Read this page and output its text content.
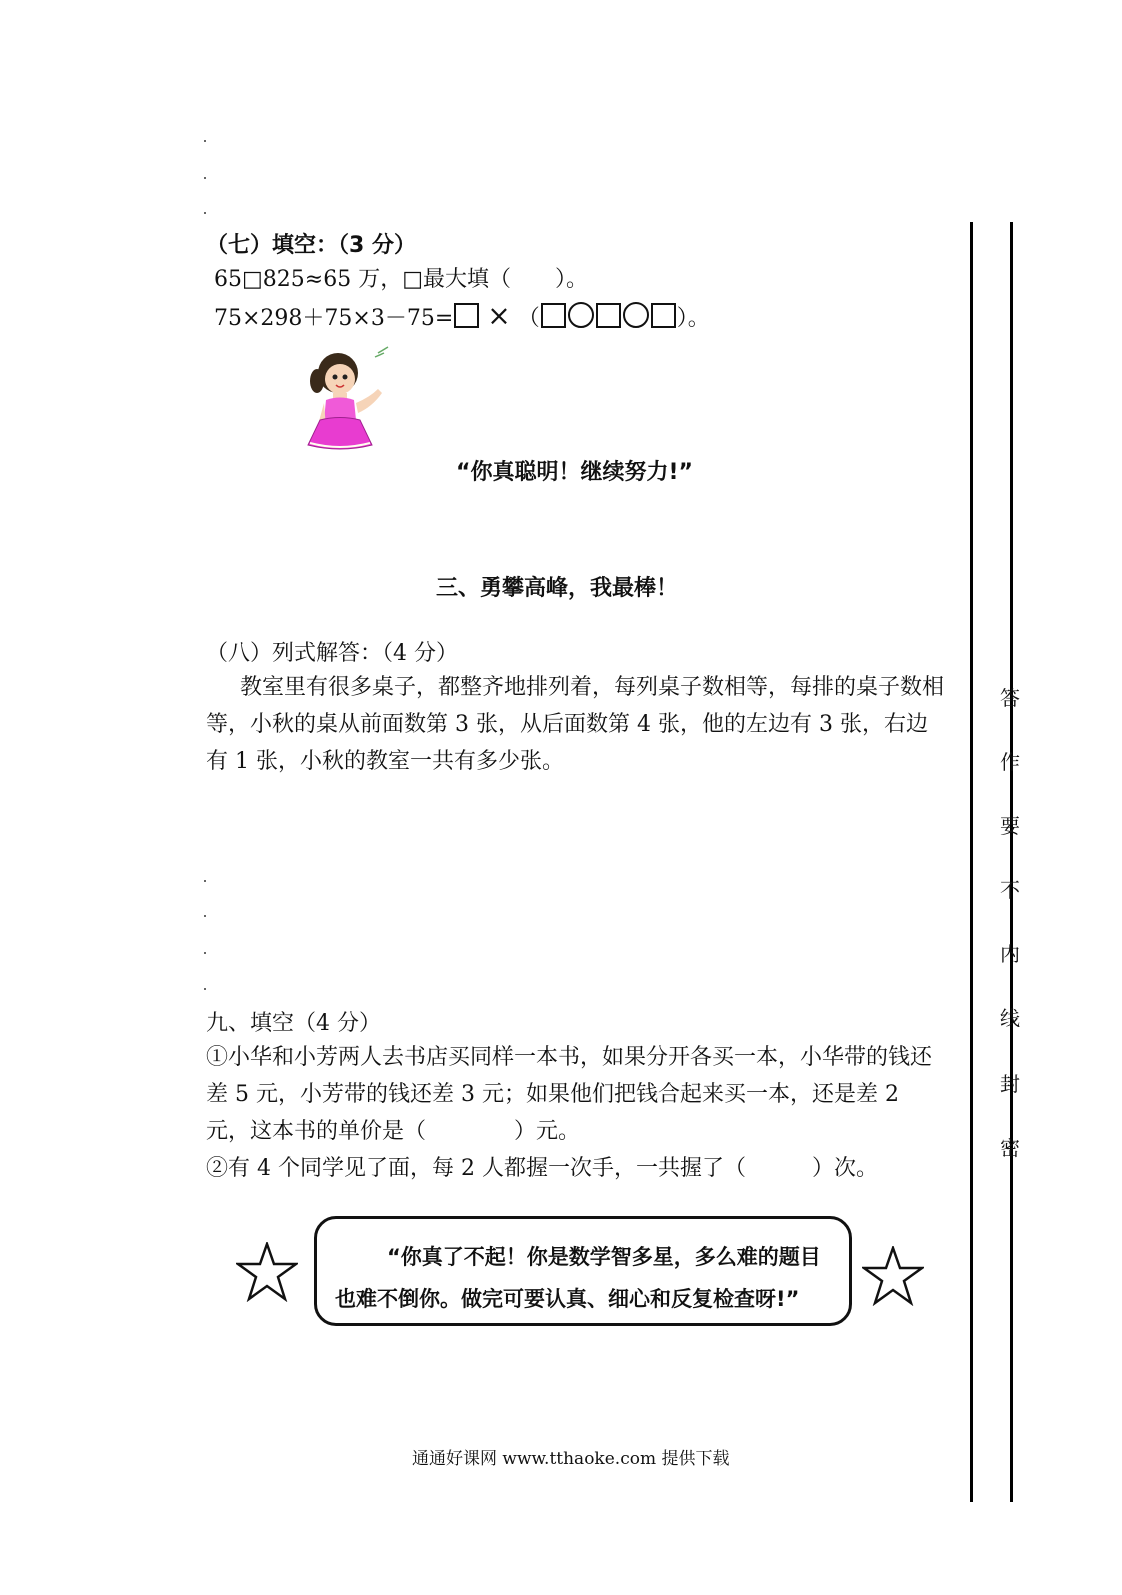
（七）填空：（3 分）
65□825≈65 万，□最大填（　　）。
75×298＋75×3－75= × （	）。
“你真聪明！继续努力!”
三、勇攀高峰，我最棒！
（八）列式解答：（4 分）
教室里有很多桌子，都整齐地排列着，每列桌子数相等，每排的桌子数相等，小秋的桌从前面数第 3 张，从后面数第 4 张，他的左边有 3 张，右边有 1 张，小秋的教室一共有多少张。
九、填空（4 分）
①小华和小芳两人去书店买同样一本书，如果分开各买一本，小华带的钱还差 5 元，小芳带的钱还差 3 元；如果他们把钱合起来买一本，还是差 2 元，这本书的单价是（　　　　）元。
②有 4 个同学见了面，每 2 人都握一次手，一共握了（　　　）次。
“你真了不起！你是数学智多星，多么难的题目
也难不倒你。做完可要认真、细心和反复检查呀!”
通通好课网 www.tthaoke.com 提供下载
答
作
要
不
内
线
封
密
